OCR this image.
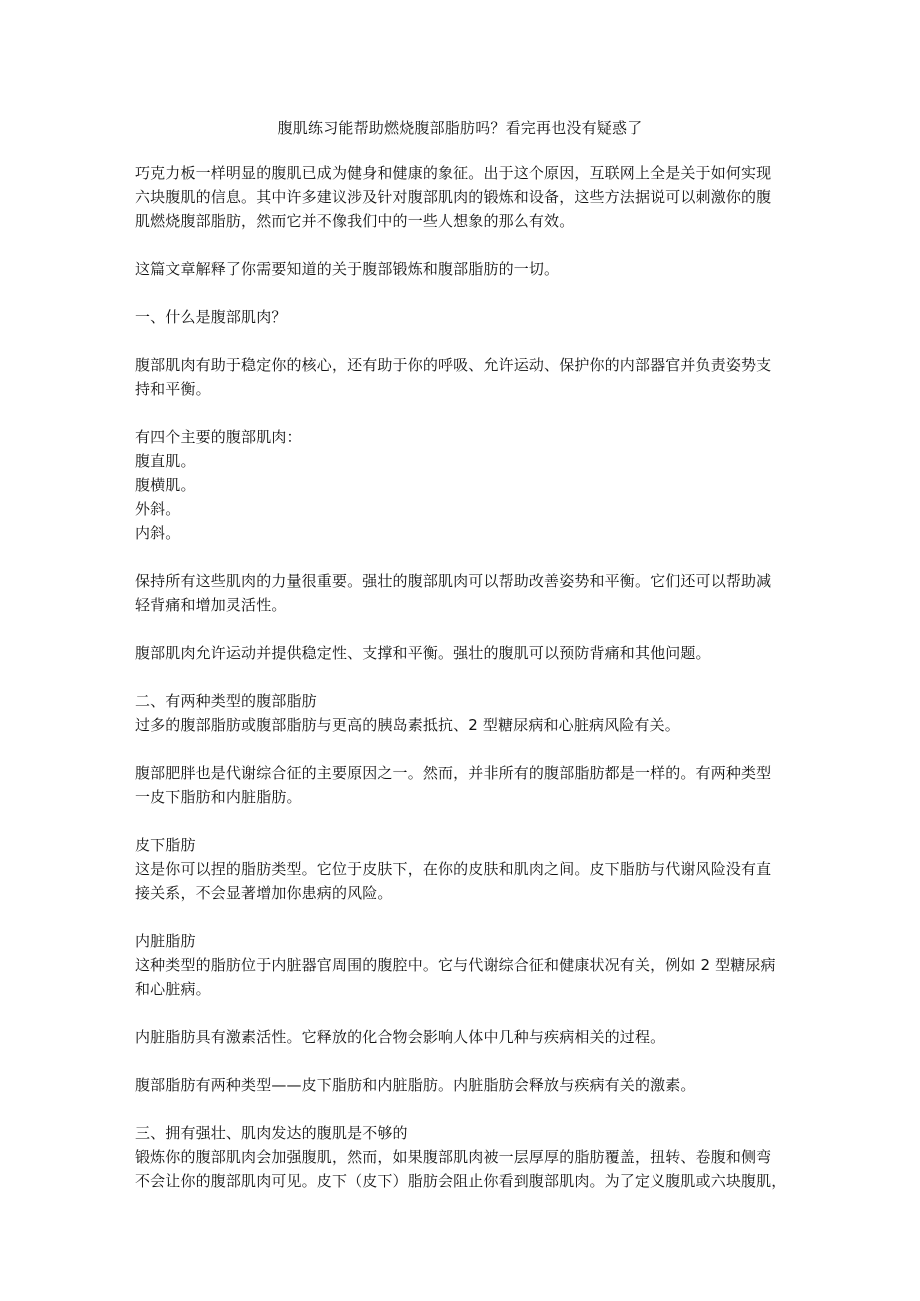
腹肌练习能帮助燃烧腹部脂肪吗？看完再也没有疑惑了

巧克力板一样明显的腹肌已成为健身和健康的象征。出于这个原因，互联网上全是关于如何实现
六块腹肌的信息。其中许多建议涉及针对腹部肌肉的锻炼和设备，这些方法据说可以刺激你的腹
肌燃烧腹部脂肪，然而它并不像我们中的一些人想象的那么有效。

这篇文章解释了你需要知道的关于腹部锻炼和腹部脂肪的一切。

一、什么是腹部肌肉？

腹部肌肉有助于稳定你的核心，还有助于你的呼吸、允许运动、保护你的内部器官并负责姿势支
持和平衡。

有四个主要的腹部肌肉：
腹直肌。
腹横肌。
外斜。
内斜。

保持所有这些肌肉的力量很重要。强壮的腹部肌肉可以帮助改善姿势和平衡。它们还可以帮助减
轻背痛和增加灵活性。

腹部肌肉允许运动并提供稳定性、支撑和平衡。强壮的腹肌可以预防背痛和其他问题。

二、有两种类型的腹部脂肪
过多的腹部脂肪或腹部脂肪与更高的胰岛素抵抗、2 型糖尿病和心脏病风险有关。

腹部肥胖也是代谢综合征的主要原因之一。然而，并非所有的腹部脂肪都是一样的。有两种类型
一皮下脂肪和内脏脂肪。

皮下脂肪
这是你可以捏的脂肪类型。它位于皮肤下，在你的皮肤和肌肉之间。皮下脂肪与代谢风险没有直
接关系，不会显著增加你患病的风险。

内脏脂肪
这种类型的脂肪位于内脏器官周围的腹腔中。它与代谢综合征和健康状况有关，例如 2 型糖尿病
和心脏病。

内脏脂肪具有激素活性。它释放的化合物会影响人体中几种与疾病相关的过程。

腹部脂肪有两种类型——皮下脂肪和内脏脂肪。内脏脂肪会释放与疾病有关的激素。

三、拥有强壮、肌肉发达的腹肌是不够的
锻炼你的腹部肌肉会加强腹肌，然而，如果腹部肌肉被一层厚厚的脂肪覆盖，扭转、卷腹和侧弯
不会让你的腹部肌肉可见。皮下（皮下）脂肪会阻止你看到腹部肌肉。为了定义腹肌或六块腹肌，
